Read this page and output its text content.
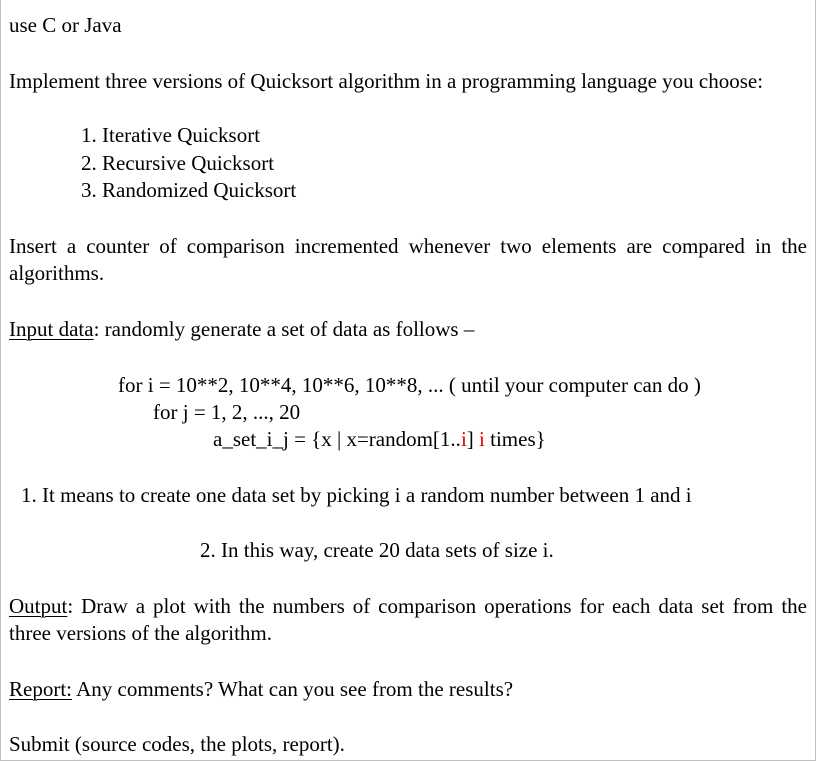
use C or Java
Implement three versions of Quicksort algorithm in a programming language you choose:
1. Iterative Quicksort
2. Recursive Quicksort
3. Randomized Quicksort
Insert a counter of comparison incremented whenever two elements are compared in the algorithms.
Input data: randomly generate a set of data as follows –
for i = 10**2, 10**4, 10**6, 10**8, ... ( until your computer can do )
for j = 1, 2, ..., 20
a_set_i_j = {x | x=random[1..i] i times}
1. It means to create one data set by picking i a random number between 1 and i
2. In this way, create 20 data sets of size i.
Output: Draw a plot with the numbers of comparison operations for each data set from the three versions of the algorithm.
Report: Any comments? What can you see from the results?
Submit (source codes, the plots, report).
